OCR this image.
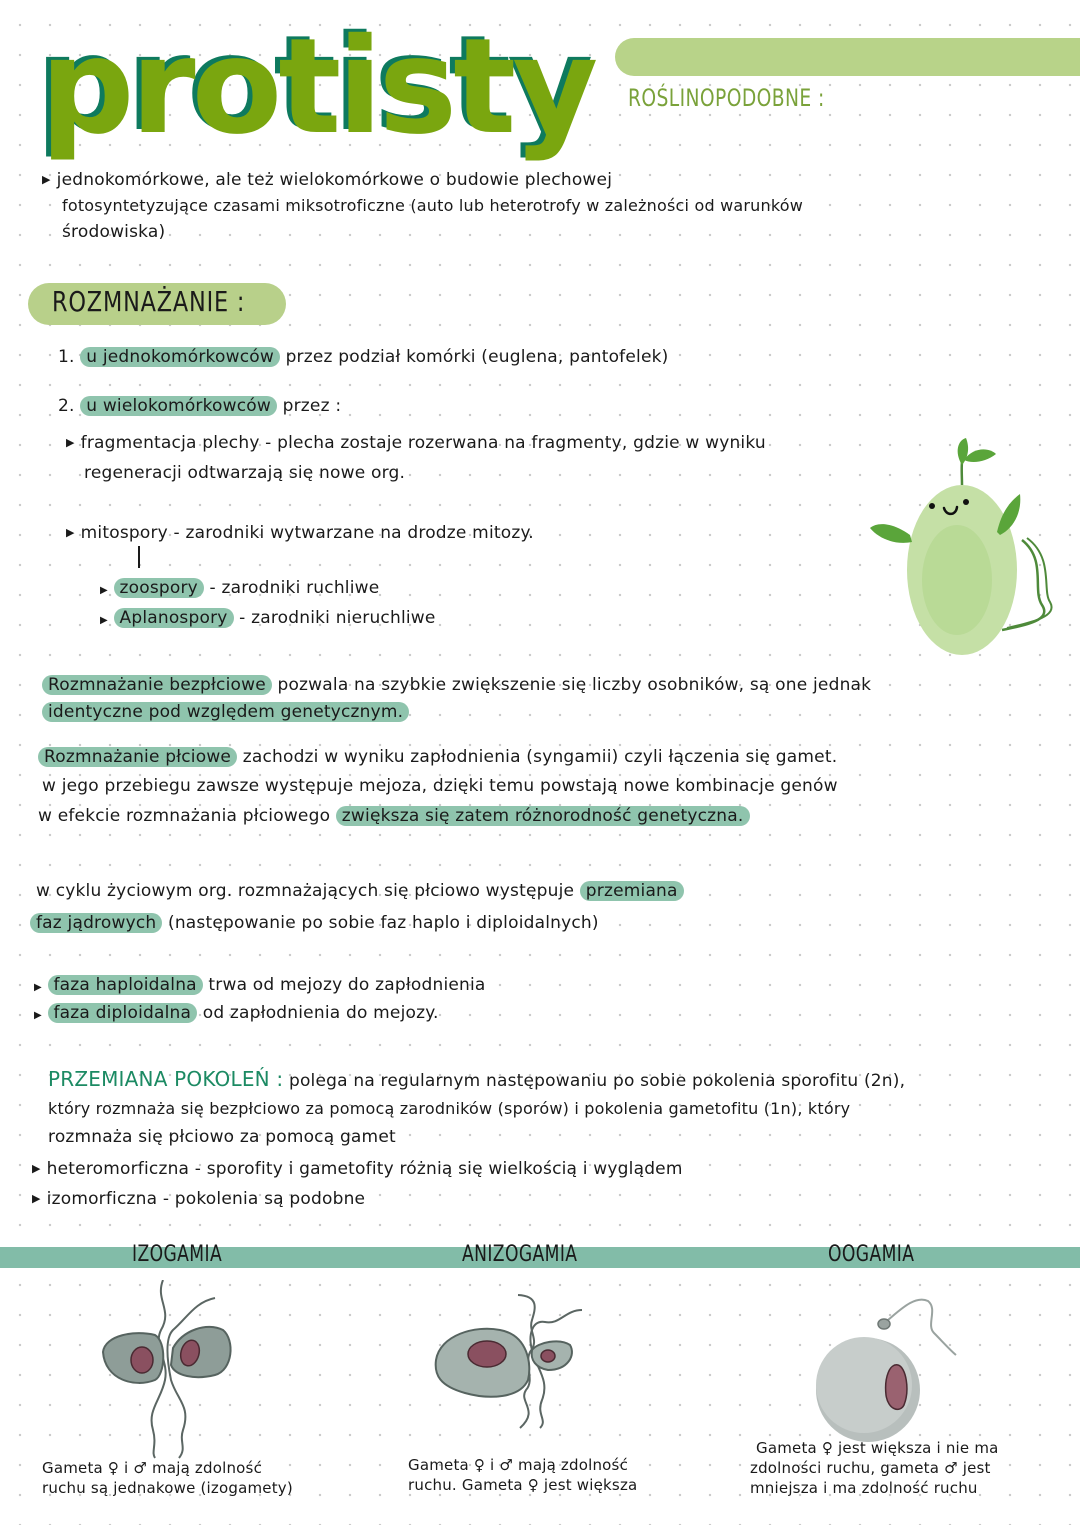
protisty ROŚLINOPODOBNE :
▶ jednokomórkowe, ale też wielokomórkowe o budowie plechowej
fotosyntetyzujące czasami miksotroficzne (auto lub heterotrofy w zależności od warunków
środowiska)
ROZMNAŻANIE :
1. u jednokomórkowców przez podział komórki (euglena, pantofelek)
2. u wielokomórkowców przez :
▶ fragmentacja plechy - plecha zostaje rozerwana na fragmenty, gdzie w wyniku
regeneracji odtwarzają się nowe org.
▶ mitospory - zarodniki wytwarzane na drodze mitozy.
▶ zoospory - zarodniki ruchliwe
▶ Aplanospory - zarodniki nieruchliwe
Rozmnażanie bezpłciowe pozwala na szybkie zwiększenie się liczby osobników, są one jednak
identyczne pod względem genetycznym.
Rozmnażanie płciowe zachodzi w wyniku zapłodnienia (syngamii) czyli łączenia się gamet.
w jego przebiegu zawsze występuje mejoza, dzięki temu powstają nowe kombinacje genów
w efekcie rozmnażania płciowego zwiększa się zatem różnorodność genetyczna.
w cyklu życiowym org. rozmnażających się płciowo występuje przemiana
faz jądrowych (następowanie po sobie faz haplo i diploidalnych)
▶ faza haploidalna trwa od mejozy do zapłodnienia
▶ faza diploidalna od zapłodnienia do mejozy.
PRZEMIANA POKOLEŃ : polega na regularnym następowaniu po sobie pokolenia sporofitu (2n),
który rozmnaża się bezpłciowo za pomocą zarodników (sporów) i pokolenia gametofitu (1n), który
rozmnaża się płciowo za pomocą gamet
▶ heteromorficzna - sporofity i gametofity różnią się wielkością i wyglądem
▶ izomorficzna - pokolenia są podobne
IZOGAMIA	ANIZOGAMIA	OOGAMIA
Gameta ♀ i ♂ mają zdolność
ruchu są jednakowe (izogamety)
Gameta ♀ i ♂ mają zdolność
ruchu. Gameta ♀ jest większa
Gameta ♀ jest większa i nie ma
zdolności ruchu, gameta ♂ jest
mniejsza i ma zdolność ruchu
